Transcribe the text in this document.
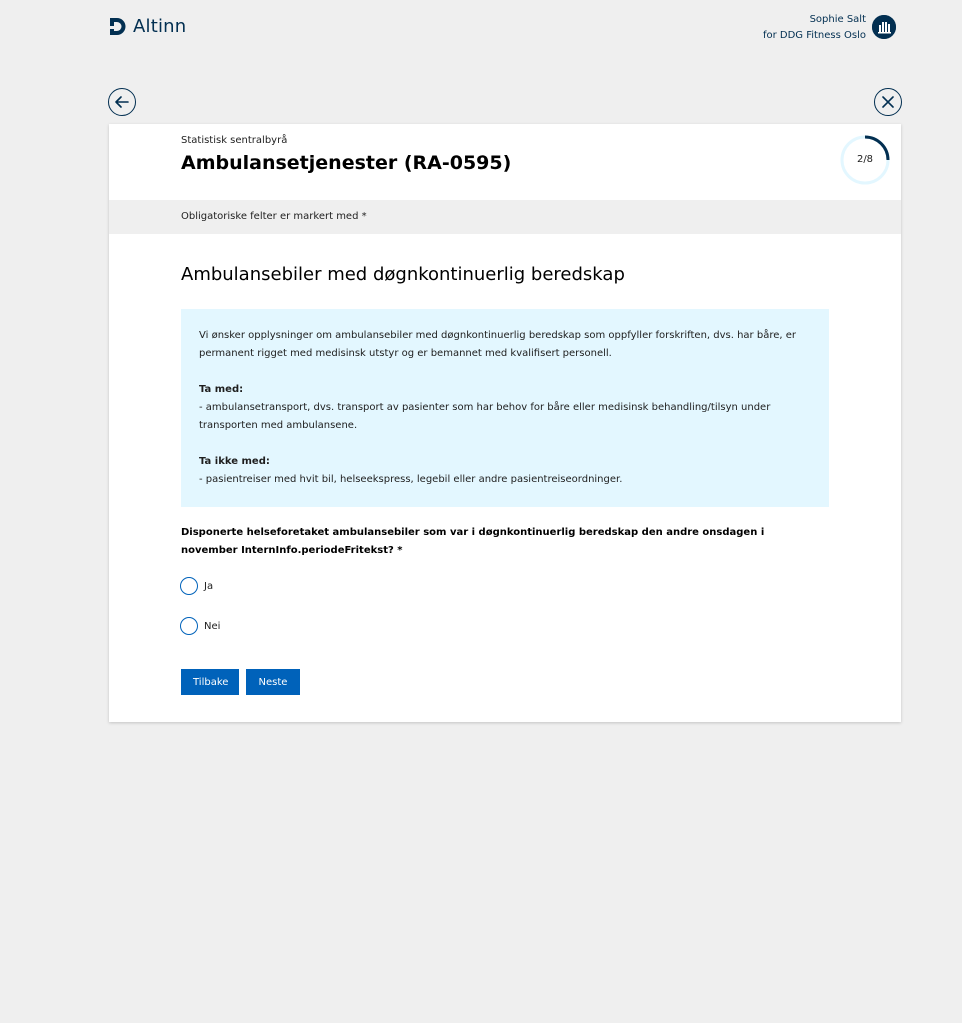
Altinn	Sophie Salt
for DDG Fitness Oslo
Statistisk sentralbyrå
Ambulansetjenester (RA-0595)	2/8
Obligatoriske felter er markert med *
Ambulansebiler med døgnkontinuerlig beredskap

Vi ønsker opplysninger om ambulansebiler med døgnkontinuerlig beredskap som oppfyller forskriften, dvs. har båre, er permanent rigget med medisinsk utstyr og er bemannet med kvalifisert personell.

Ta med:

- ambulansetransport, dvs. transport av pasienter som har behov for båre eller medisinsk behandling/tilsyn under transporten med ambulansene.

Ta ikke med:

- pasientreiser med hvit bil, helseekspress, legebil eller andre pasientreiseordninger.

Disponerte helseforetaket ambulansebiler som var i døgnkontinuerlig beredskap den andre onsdagen i november InternInfo.periodeFritekst? *
Ja
Nei
Tilbake	Neste
